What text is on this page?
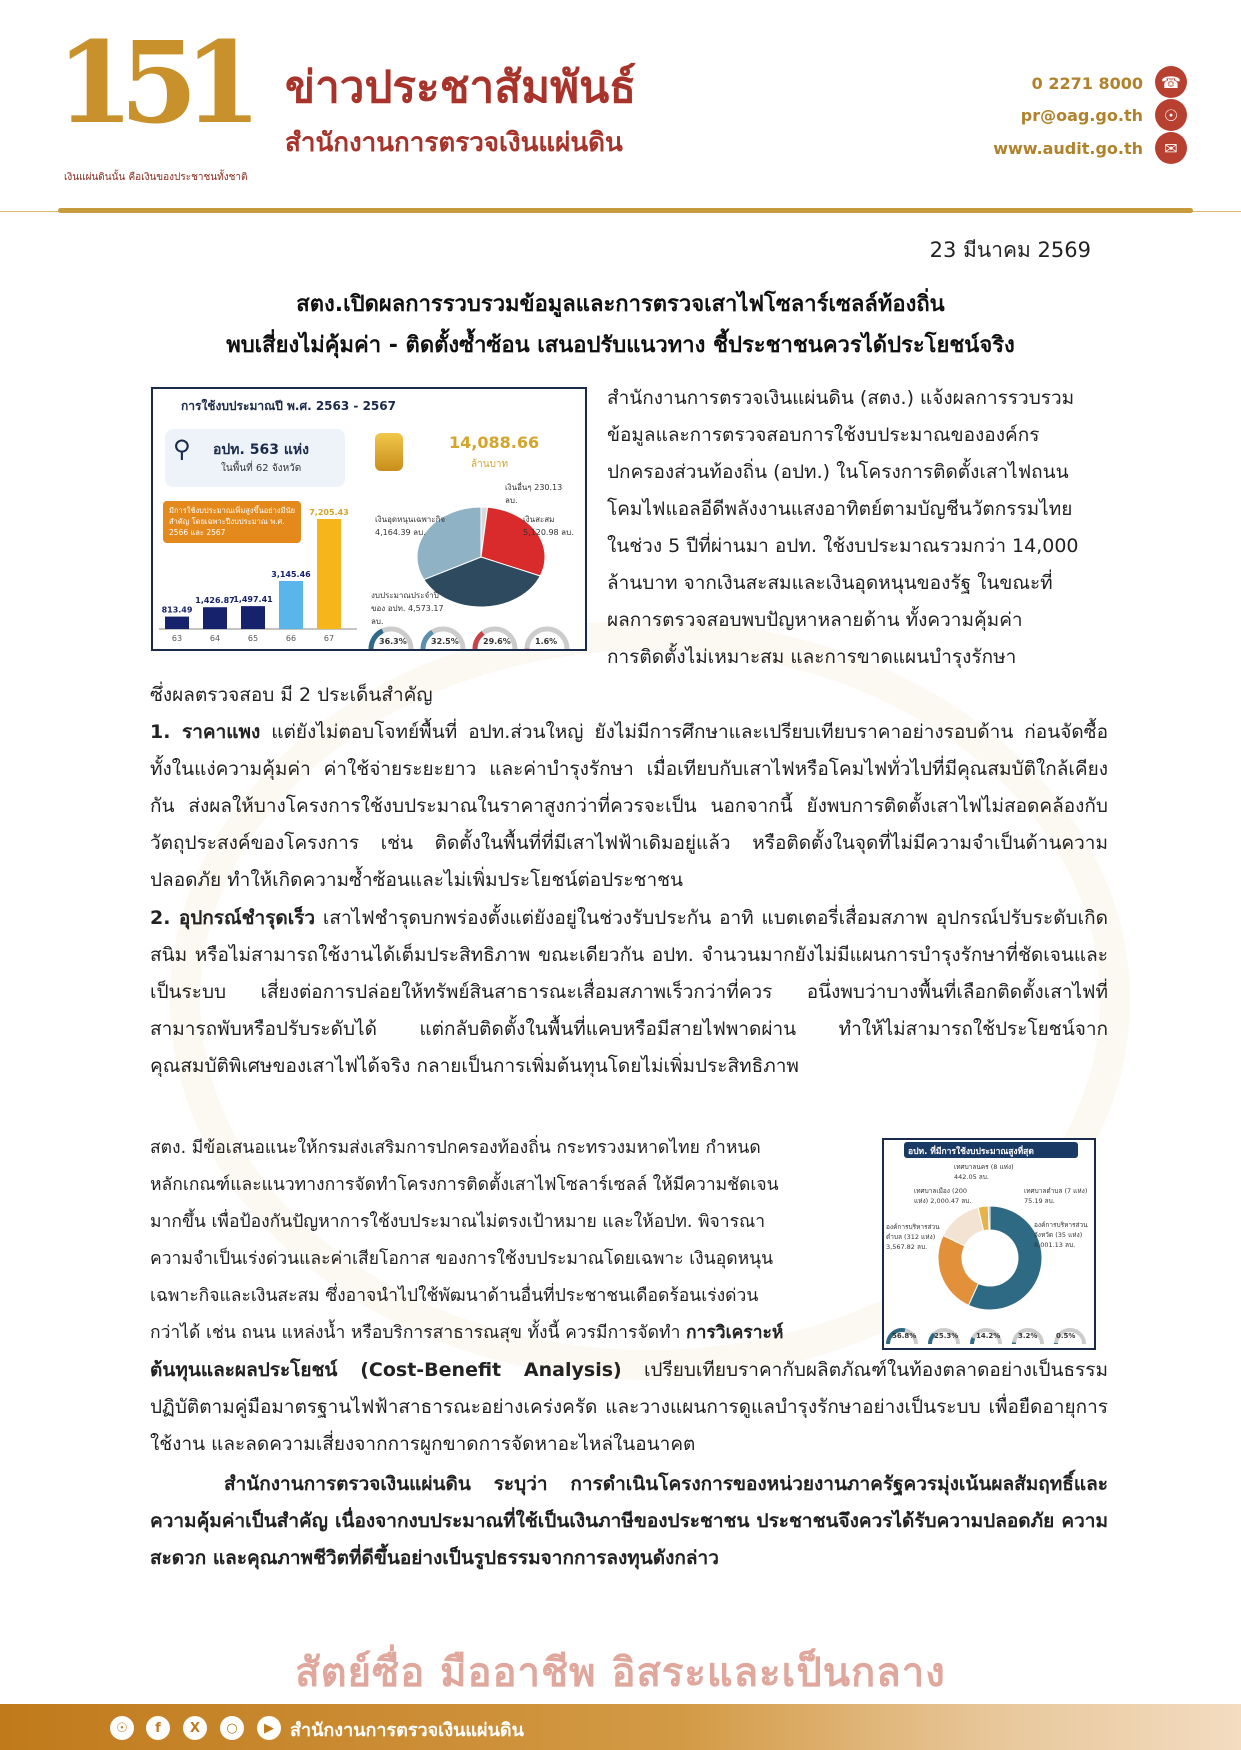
151
เงินแผ่นดินนั้น คือเงินของประชาชนทั้งชาติ
ข่าวประชาสัมพันธ์
สำนักงานการตรวจเงินแผ่นดิน
0 2271 8000
pr@oag.go.th
www.audit.go.th
☎
☉
✉
23 มีนาคม 2569
สตง.เปิดผลการรวบรวมข้อมูลและการตรวจเสาไฟโซลาร์เซลล์ท้องถิ่น
พบเสี่ยงไม่คุ้มค่า - ติดตั้งซ้ำซ้อน เสนอปรับแนวทาง ชี้ประชาชนควรได้ประโยชน์จริง
การใช้งบประมาณปี พ.ศ. 2563 - 2567
⚲ อปท. 563 แห่ง
ในพื้นที่ 62 จังหวัด
14,088.66
ล้านบาท
มีการใช้งบประมาณเพิ่มสูงขึ้นอย่างมีนัยสำคัญ โดยเฉพาะปีงบประมาณ พ.ศ. 2566 และ 2567
813.49
63
1,426.87
64
1,497.41
65
3,145.46
66
7,205.43
67
เงินอื่นๆ 230.13 ลบ.
เงินอุดหนุนเฉพาะกิจ 4,164.39 ลบ.
เงินสะสม 5,120.98 ลบ.
งบประมาณประจำปีของ อปท. 4,573.17 ลบ.
36.3%	32.5%	29.6%	1.6%
สำนักงานการตรวจเงินแผ่นดิน (สตง.) แจ้งผลการรวบรวม
ข้อมูลและการตรวจสอบการใช้งบประมาณขององค์กร
ปกครองส่วนท้องถิ่น (อปท.) ในโครงการติดตั้งเสาไฟถนน
โคมไฟแอลอีดีพลังงานแสงอาทิตย์ตามบัญชีนวัตกรรมไทย
ในช่วง 5 ปีที่ผ่านมา อปท. ใช้งบประมาณรวมกว่า 14,000
ล้านบาท จากเงินสะสมและเงินอุดหนุนของรัฐ ในขณะที่
ผลการตรวจสอบพบปัญหาหลายด้าน ทั้งความคุ้มค่า
การติดตั้งไม่เหมาะสม และการขาดแผนบำรุงรักษา
ซึ่งผลตรวจสอบ มี 2 ประเด็นสำคัญ
1. ราคาแพง แต่ยังไม่ตอบโจทย์พื้นที่ อปท.ส่วนใหญ่ ยังไม่มีการศึกษาและเปรียบเทียบราคาอย่างรอบด้าน ก่อนจัดซื้อ ทั้งในแง่ความคุ้มค่า ค่าใช้จ่ายระยะยาว และค่าบำรุงรักษา เมื่อเทียบกับเสาไฟหรือโคมไฟทั่วไปที่มีคุณสมบัติใกล้เคียงกัน ส่งผลให้บางโครงการใช้งบประมาณในราคาสูงกว่าที่ควรจะเป็น นอกจากนี้ ยังพบการติดตั้งเสาไฟไม่สอดคล้องกับวัตถุประสงค์ของโครงการ เช่น ติดตั้งในพื้นที่ที่มีเสาไฟฟ้าเดิมอยู่แล้ว หรือติดตั้งในจุดที่ไม่มีความจำเป็นด้านความปลอดภัย ทำให้เกิดความซ้ำซ้อนและไม่เพิ่มประโยชน์ต่อประชาชน
2. อุปกรณ์ชำรุดเร็ว เสาไฟชำรุดบกพร่องตั้งแต่ยังอยู่ในช่วงรับประกัน อาทิ แบตเตอรี่เสื่อมสภาพ อุปกรณ์ปรับระดับเกิดสนิม หรือไม่สามารถใช้งานได้เต็มประสิทธิภาพ ขณะเดียวกัน อปท. จำนวนมากยังไม่มีแผนการบำรุงรักษาที่ชัดเจนและเป็นระบบ เสี่ยงต่อการปล่อยให้ทรัพย์สินสาธารณะเสื่อมสภาพเร็วกว่าที่ควร อนึ่งพบว่าบางพื้นที่เลือกติดตั้งเสาไฟที่สามารถพับหรือปรับระดับได้ แต่กลับติดตั้งในพื้นที่แคบหรือมีสายไฟพาดผ่าน ทำให้ไม่สามารถใช้ประโยชน์จากคุณสมบัติพิเศษของเสาไฟได้จริง กลายเป็นการเพิ่มต้นทุนโดยไม่เพิ่มประสิทธิภาพ
สตง. มีข้อเสนอแนะให้กรมส่งเสริมการปกครองท้องถิ่น กระทรวงมหาดไทย กำหนด
หลักเกณฑ์และแนวทางการจัดทำโครงการติดตั้งเสาไฟโซลาร์เซลล์ ให้มีความชัดเจน
มากขึ้น เพื่อป้องกันปัญหาการใช้งบประมาณไม่ตรงเป้าหมาย และให้อปท. พิจารณา
ความจำเป็นเร่งด่วนและค่าเสียโอกาส ของการใช้งบประมาณโดยเฉพาะ เงินอุดหนุน
เฉพาะกิจและเงินสะสม ซึ่งอาจนำไปใช้พัฒนาด้านอื่นที่ประชาชนเดือดร้อนเร่งด่วน
กว่าได้ เช่น ถนน แหล่งน้ำ หรือบริการสาธารณสุข ทั้งนี้ ควรมีการจัดทำ การวิเคราะห์
ต้นทุนและผลประโยชน์ (Cost-Benefit Analysis) เปรียบเทียบราคากับผลิตภัณฑ์ในท้องตลาดอย่างเป็นธรรม ปฏิบัติตามคู่มือมาตรฐานไฟฟ้าสาธารณะอย่างเคร่งครัด และวางแผนการดูแลบำรุงรักษาอย่างเป็นระบบ เพื่อยืดอายุการใช้งาน และลดความเสี่ยงจากการผูกขาดการจัดหาอะไหล่ในอนาคต
อปท. ที่มีการใช้งบประมาณสูงที่สุด
เทศบาลนคร (8 แห่ง) 442.05 ลบ.
เทศบาลเมือง (200 แห่ง) 2,000.47 ลบ.
เทศบาลตำบล (7 แห่ง) 75.19 ลบ.
องค์การบริหารส่วนตำบล (312 แห่ง) 3,567.82 ลบ.
องค์การบริหารส่วนจังหวัด (35 แห่ง) 8,001.13 ลบ.
56.8%	25.3%	14.2%	3.2%	0.5%
สำนักงานการตรวจเงินแผ่นดิน ระบุว่า การดำเนินโครงการของหน่วยงานภาครัฐควรมุ่งเน้นผลสัมฤทธิ์และความคุ้มค่าเป็นสำคัญ เนื่องจากงบประมาณที่ใช้เป็นเงินภาษีของประชาชน ประชาชนจึงควรได้รับความปลอดภัย ความสะดวก และคุณภาพชีวิตที่ดีขึ้นอย่างเป็นรูปธรรมจากการลงทุนดังกล่าว
สัตย์ซื่อ มืออาชีพ อิสระและเป็นกลาง
☉	f	X	○	▶ สำนักงานการตรวจเงินแผ่นดิน
